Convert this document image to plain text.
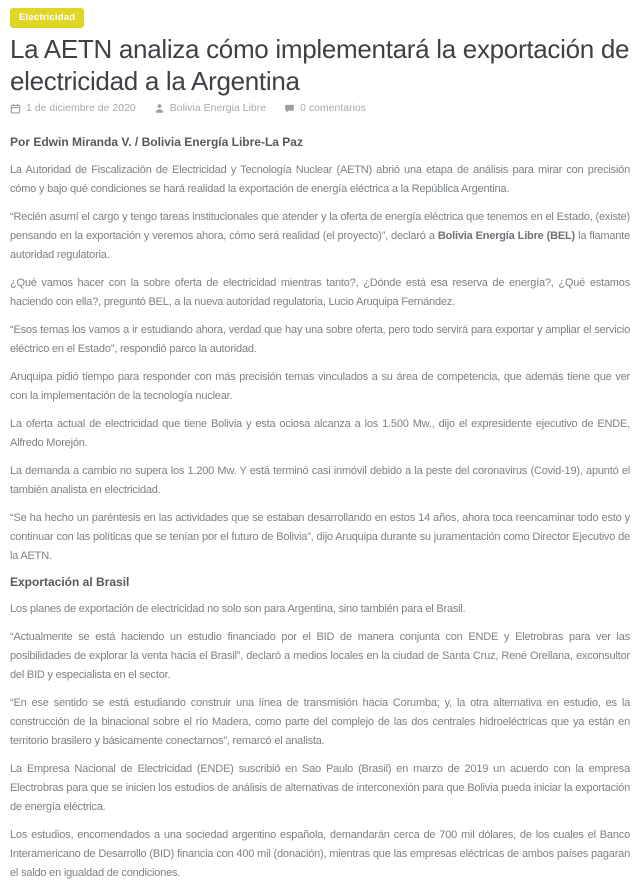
Electricidad
La AETN analiza cómo implementará la exportación de electricidad a la Argentina
1 de diciembre de 2020	Bolivia Energia Libre	0 comentarios

Por Edwin Miranda V. / Bolivia Energía Libre-La Paz

La Autoridad de Fiscalización de Electricidad y Tecnología Nuclear (AETN) abrió una etapa de análisis para mirar con precisión cómo y bajo qué condiciones se hará realidad la exportación de energía eléctrica a la República Argentina.

“Recién asumí el cargo y tengo tareas institucionales que atender y la oferta de energía eléctrica que tenemos en el Estado, (existe) pensando en la exportación y veremos ahora, cómo será realidad (el proyecto)”, declaró a Bolivia Energía Libre (BEL) la flamante autoridad regulatoria.

¿Qué vamos hacer con la sobre oferta de electricidad mientras tanto?, ¿Dónde está esa reserva de energía?, ¿Qué estamos haciendo con ella?, preguntó BEL, a la nueva autoridad regulatoria, Lucio Aruquipa Fernández.

“Esos temas los vamos a ir estudiando ahora, verdad que hay una sobre oferta, pero todo servirá para exportar y ampliar el servicio eléctrico en el Estado”, respondió parco la autoridad.

Aruquipa pidió tiempo para responder con más precisión temas vinculados a su área de competencia, que además tiene que ver con la implementación de la tecnología nuclear.

La oferta actual de electricidad que tiene Bolivia y esta ociosa alcanza a los 1.500 Mw., dijo el expresidente ejecutivo de ENDE, Alfredo Morejón.

La demanda a cambio no supera los 1.200 Mw. Y está terminó casi inmóvil debido a la peste del coronavirus (Covid-19), apuntó el también analista en electricidad.

“Se ha hecho un paréntesis en las actividades que se estaban desarrollando en estos 14 años, ahora toca reencaminar todo esto y continuar con las políticas que se tenían por el futuro de Bolivia”, dijo Aruquipa durante su juramentación como Director Ejecutivo de la AETN.

Exportación al Brasil

Los planes de exportación de electricidad no solo son para Argentina, sino también para el Brasil.

“Actualmente se está haciendo un estudio financiado por el BID de manera conjunta con ENDE y Eletrobras para ver las posibilidades de explorar la venta hacia el Brasil”, declaró a medios locales en la ciudad de Santa Cruz, René Orellana, exconsultor del BID y especialista en el sector.

“En ese sentido se está estudiando construir una línea de transmisión hacia Corumba; y, la otra alternativa en estudio, es la construcción de la binacional sobre el río Madera, como parte del complejo de las dos centrales hidroeléctricas que ya están en territorio brasilero y básicamente conectarnos”, remarcó el analista.

La Empresa Nacional de Electricidad (ENDE) suscribió en Sao Paulo (Brasil) en marzo de 2019 un acuerdo con la empresa Electrobras para que se inicien los estudios de análisis de alternativas de interconexión para que Bolivia pueda iniciar la exportación de energía eléctrica.

Los estudios, encomendados a una sociedad argentino española, demandarán cerca de 700 mil dólares, de los cuales el Banco Interamericano de Desarrollo (BID) financia con 400 mil (donación), mientras que las empresas eléctricas de ambos países pagaran el saldo en igualdad de condiciones.
